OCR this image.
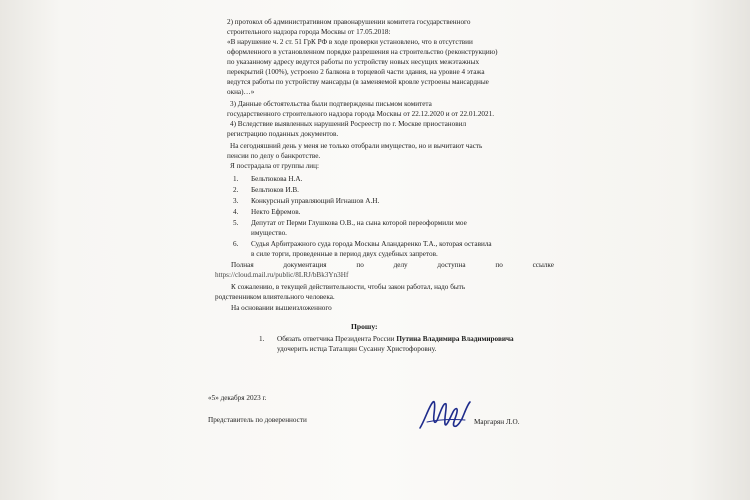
2) протокол об административном правонарушении комитета государственного
строительного надзора города Москвы от 17.05.2018:
«В нарушение ч. 2 ст. 51 ГрК РФ в ходе проверки установлено, что в отсутствии
оформленного в установленном порядке разрешения на строительство (реконструкцию)
по указанному адресу ведутся работы по устройству новых несущих межэтажных
перекрытий (100%), устроено 2 балкона в торцевой части здания, на уровне 4 этажа
ведутся работы по устройству мансарды (в заменяемой кровле устроены мансардные
окна)…»
3) Данные обстоятельства были подтверждены письмом комитета
государственного строительного надзора города Москвы от 22.12.2020 и от 22.01.2021.
4) Вследствие выявленных нарушений Росреестр по г. Москве приостановил
регистрацию поданных документов.
На сегодняшний день у меня не только отобрали имущество, но и вычитают часть
пенсии по делу о банкротстве.
Я пострадала от группы лиц:
1. Бельтюкова Н.А.
2. Бельтюков И.В.
3. Конкурсный управляющий Игнашов А.Н.
4. Некто Ефремов.
5. Депутат от Перми Глушкова О.В., на сына которой переоформили мое
имущество.
6. Судья Арбитражного суда города Москвы Аландаренко Т.А., которая оставила
в силе торги, проведенные в период двух судебных запретов.
Полная документация по делу доступна по ссылке
https://cloud.mail.ru/public/8LRJ/bBk3Yn3Hf
К сожалению, в текущей действительности, чтобы закон работал, надо быть
родственником влиятельного человека.
На основании вышеизложенного
Прошу:
1. Обязать ответчика Президента России Путина Владимира Владимировича
удочерить истца Таталцян Сусанну Христофоровну.
«5» декабря 2023 г.
Представитель по доверенности	Маргарян Л.О.
